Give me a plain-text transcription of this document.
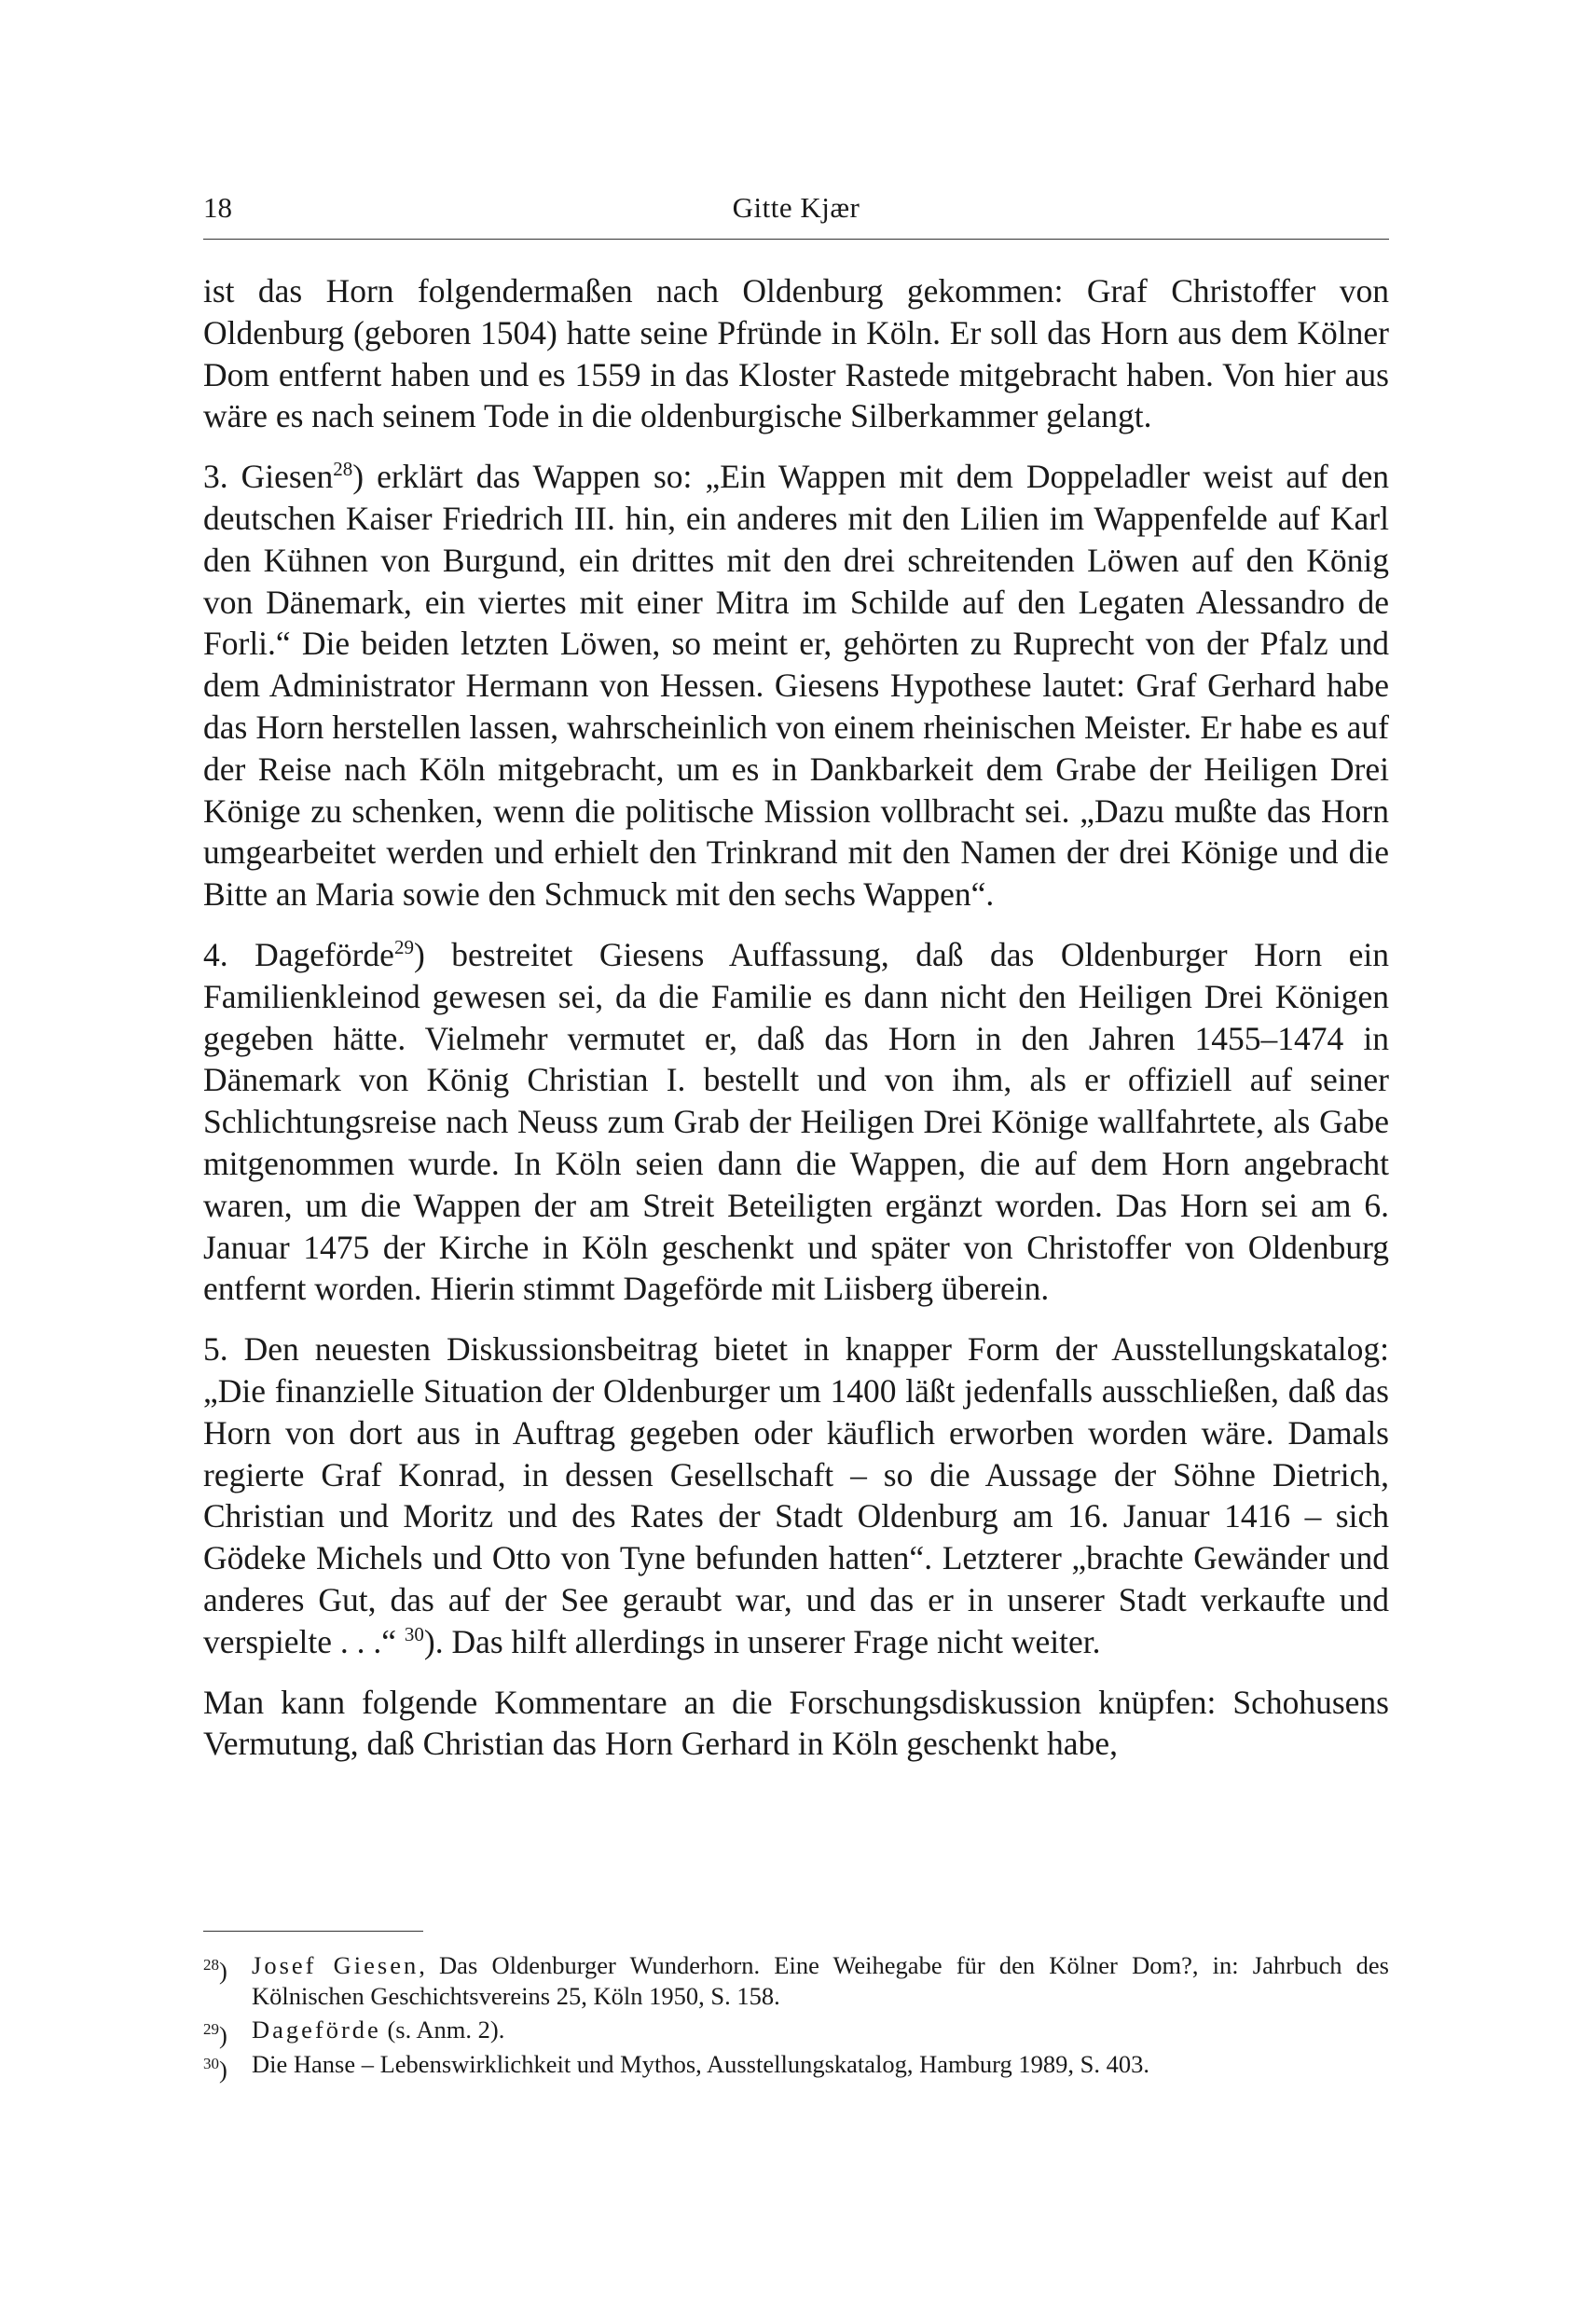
18	Gitte Kjær

ist das Horn folgendermaßen nach Oldenburg gekommen: Graf Christoffer von Oldenburg (geboren 1504) hatte seine Pfründe in Köln. Er soll das Horn aus dem Kölner Dom entfernt haben und es 1559 in das Kloster Rastede mitgebracht haben. Von hier aus wäre es nach seinem Tode in die oldenburgische Silberkammer gelangt.

3. Giesen$^{28}$) erklärt das Wappen so: „Ein Wappen mit dem Doppeladler weist auf den deutschen Kaiser Friedrich III. hin, ein anderes mit den Lilien im Wappenfelde auf Karl den Kühnen von Burgund, ein drittes mit den drei schreitenden Löwen auf den König von Dänemark, ein viertes mit einer Mitra im Schilde auf den Legaten Alessandro de Forli.“ Die beiden letzten Löwen, so meint er, gehörten zu Ruprecht von der Pfalz und dem Administrator Hermann von Hessen. Giesens Hypothese lautet: Graf Gerhard habe das Horn herstellen lassen, wahrscheinlich von einem rheinischen Meister. Er habe es auf der Reise nach Köln mitgebracht, um es in Dankbarkeit dem Grabe der Heiligen Drei Könige zu schenken, wenn die politische Mission vollbracht sei. „Dazu mußte das Horn umgearbeitet werden und erhielt den Trinkrand mit den Namen der drei Könige und die Bitte an Maria sowie den Schmuck mit den sechs Wappen“.

4. Dageförde$^{29}$) bestreitet Giesens Auffassung, daß das Oldenburger Horn ein Familienkleinod gewesen sei, da die Familie es dann nicht den Heiligen Drei Königen gegeben hätte. Vielmehr vermutet er, daß das Horn in den Jahren 1455–1474 in Dänemark von König Christian I. bestellt und von ihm, als er offiziell auf seiner Schlichtungsreise nach Neuss zum Grab der Heiligen Drei Könige wallfahrtete, als Gabe mitgenommen wurde. In Köln seien dann die Wappen, die auf dem Horn angebracht waren, um die Wappen der am Streit Beteiligten ergänzt worden. Das Horn sei am 6. Januar 1475 der Kirche in Köln geschenkt und später von Christoffer von Oldenburg entfernt worden. Hierin stimmt Dageförde mit Liisberg überein.

5. Den neuesten Diskussionsbeitrag bietet in knapper Form der Ausstellungskatalog: „Die finanzielle Situation der Oldenburger um 1400 läßt jedenfalls ausschließen, daß das Horn von dort aus in Auftrag gegeben oder käuflich erworben worden wäre. Damals regierte Graf Konrad, in dessen Gesellschaft – so die Aussage der Söhne Dietrich, Christian und Moritz und des Rates der Stadt Oldenburg am 16. Januar 1416 – sich Gödeke Michels und Otto von Tyne befunden hatten“. Letzterer „brachte Gewänder und anderes Gut, das auf der See geraubt war, und das er in unserer Stadt verkaufte und verspielte . . .“ $^{30}$). Das hilft allerdings in unserer Frage nicht weiter.

Man kann folgende Kommentare an die Forschungsdiskussion knüpfen: Schohusens Vermutung, daß Christian das Horn Gerhard in Köln geschenkt habe,

$^{28}$) Josef Giesen, Das Oldenburger Wunderhorn. Eine Weihegabe für den Kölner Dom?, in: Jahrbuch des Kölnischen Geschichtsvereins 25, Köln 1950, S. 158.
$^{29}$) Dageförde (s. Anm. 2).
$^{30}$) Die Hanse – Lebenswirklichkeit und Mythos, Ausstellungskatalog, Hamburg 1989, S. 403.
